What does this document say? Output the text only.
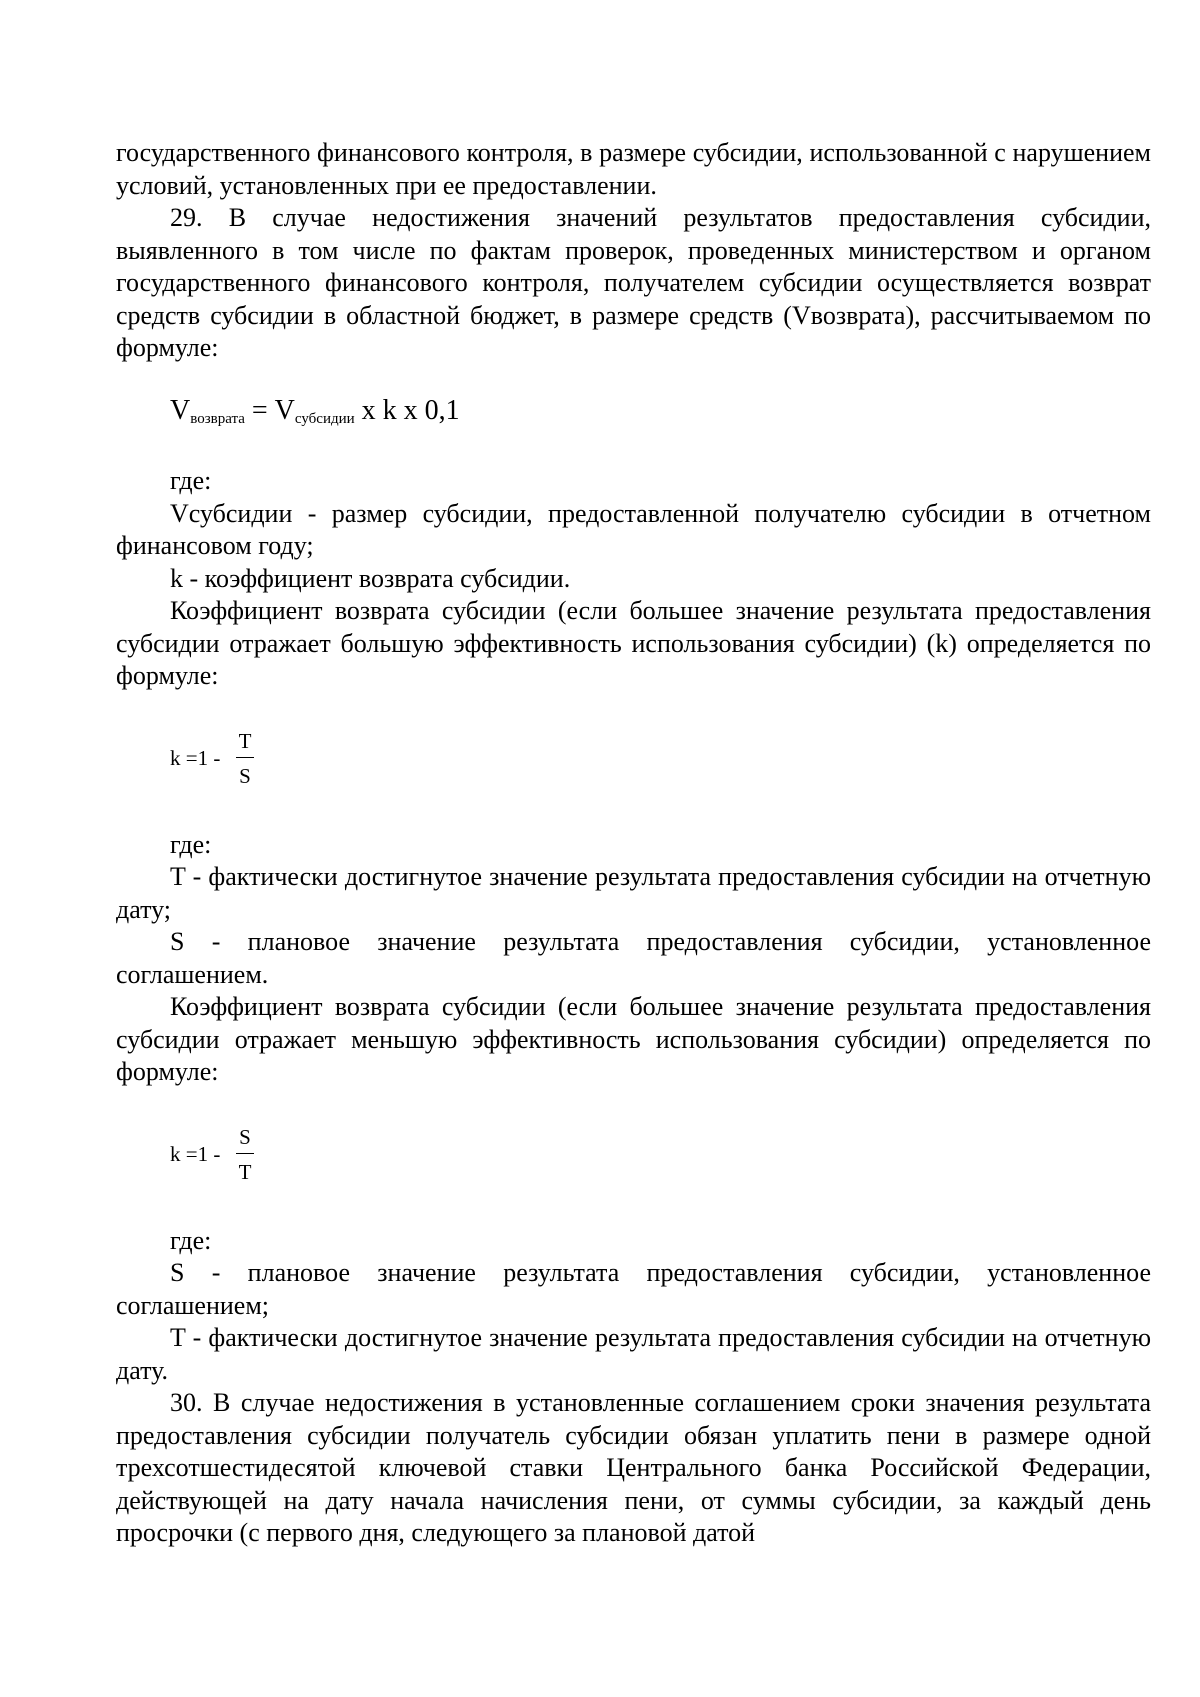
государственного финансового контроля, в размере субсидии, использованной с нарушением условий, установленных при ее предоставлении.

29. В случае недостижения значений результатов предоставления субсидии, выявленного в том числе по фактам проверок, проведенных министерством и органом государственного финансового контроля, получателем субсидии осуществляется возврат средств субсидии в областной бюджет, в размере средств (Vвозврата), рассчитываемом по формуле:

$V_{возврата} = V_{субсидии}$ x k x 0,1

где:

Vсубсидии - размер субсидии, предоставленной получателю субсидии в отчетном финансовом году;

k - коэффициент возврата субсидии.

Коэффициент возврата субсидии (если большее значение результата предоставления субсидии отражает большую эффективность использования субсидии) (k) определяется по формуле:

k =1 -
T
S

где:

T - фактически достигнутое значение результата предоставления субсидии на отчетную дату;

S - плановое значение результата предоставления субсидии, установленное соглашением.

Коэффициент возврата субсидии (если большее значение результата предоставления субсидии отражает меньшую эффективность использования субсидии) определяется по формуле:

k =1 -
S
T

где:

S - плановое значение результата предоставления субсидии, установленное соглашением;

T - фактически достигнутое значение результата предоставления субсидии на отчетную дату.

30. В случае недостижения в установленные соглашением сроки значения результата предоставления субсидии получатель субсидии обязан уплатить пени в размере одной трехсотшестидесятой ключевой ставки Центрального банка Российской Федерации, действующей на дату начала начисления пени, от суммы субсидии, за каждый день просрочки (с первого дня, следующего за плановой датой
